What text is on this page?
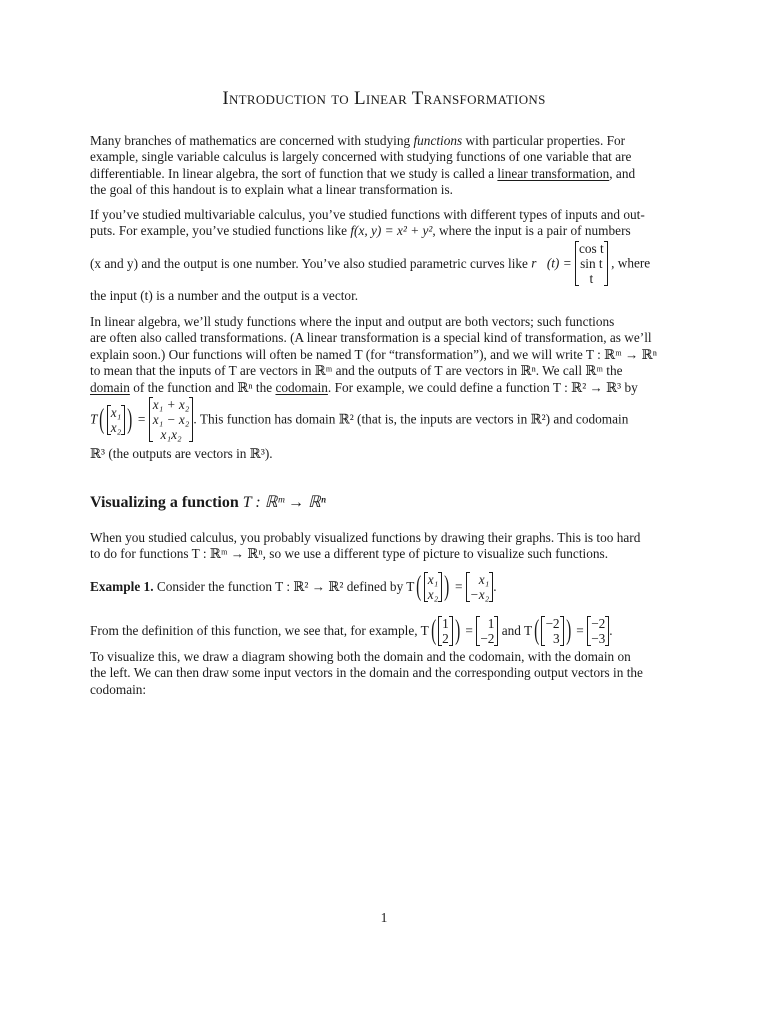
Introduction to Linear Transformations
Many branches of mathematics are concerned with studying functions with particular properties. For
example, single variable calculus is largely concerned with studying functions of one variable that are
differentiable. In linear algebra, the sort of function that we study is called a linear transformation, and
the goal of this handout is to explain what a linear transformation is.
If you’ve studied multivariable calculus, you’ve studied functions with different types of inputs and out-
puts. For example, you’ve studied functions like f(x, y) = x² + y², where the input is a pair of numbers
(x and y) and the output is one number. You’ve also studied parametric curves like r⃗(t) =
cos t
sin t
t
, where
the input (t) is a number and the output is a vector.
In linear algebra, we’ll study functions where the input and output are both vectors; such functions
are often also called transformations. (A linear transformation is a special kind of transformation, as we’ll
explain soon.) Our functions will often be named T (for “transformation”), and we will write T : ℝᵐ → ℝⁿ
to mean that the inputs of T are vectors in ℝᵐ and the outputs of T are vectors in ℝⁿ. We call ℝᵐ the
domain of the function and ℝⁿ the codomain. For example, we could define a function T : ℝ² → ℝ³ by
T( x₁
x₂ ) =
x₁ + x₂
x₁ − x₂
x₁x₂
. This function has domain ℝ² (that is, the inputs are vectors in ℝ²) and codomain
ℝ³ (the outputs are vectors in ℝ³).
Visualizing a function T : ℝᵐ → ℝⁿ
When you studied calculus, you probably visualized functions by drawing their graphs. This is too hard
to do for functions T : ℝᵐ → ℝⁿ, so we use a different type of picture to visualize such functions.
Example 1. Consider the function T : ℝ² → ℝ² defined by T( x₁
x₂ ) =	x₁
−x₂
.
From the definition of this function, we see that, for example, T( 1
2 ) =	1
−2
and T( −2
3 ) = −2
−3
.
To visualize this, we draw a diagram showing both the domain and the codomain, with the domain on
the left. We can then draw some input vectors in the domain and the corresponding output vectors in the
codomain:
1
